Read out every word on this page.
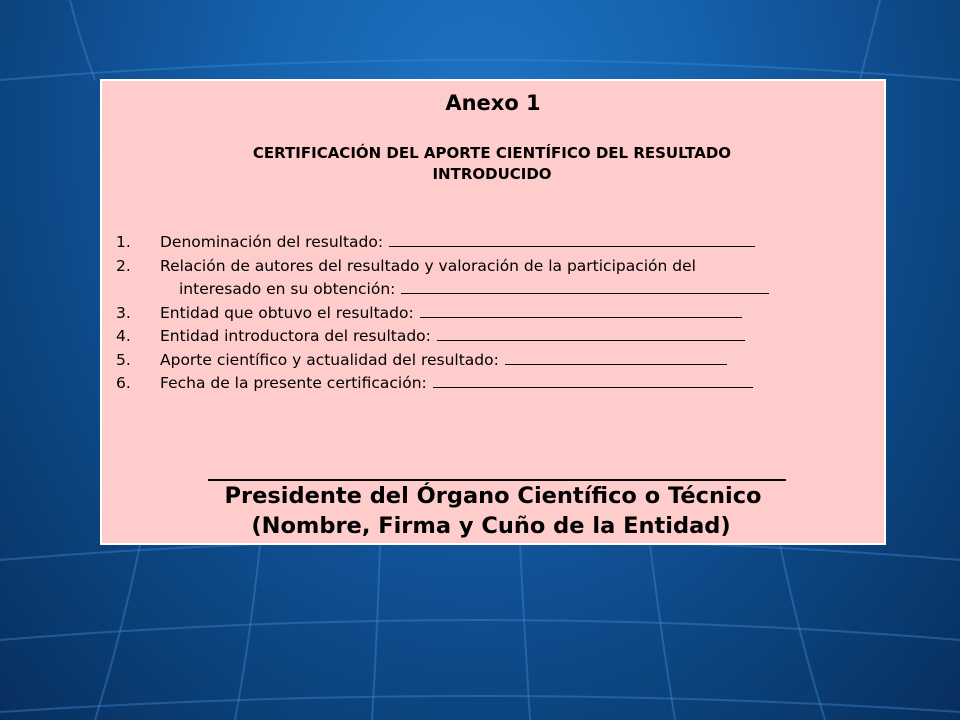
Anexo 1
CERTIFICACIÓN DEL APORTE CIENTÍFICO DEL RESULTADO
INTRODUCIDO
1. Denominación del resultado:
2. Relación de autores del resultado y valoración de la participación del
interesado en su obtención:
3. Entidad que obtuvo el resultado:
4. Entidad introductora del resultado:
5. Aporte científico y actualidad del resultado:
6. Fecha de la presente certificación:
Presidente del Órgano Científico o Técnico
(Nombre, Firma y Cuño de la Entidad)
